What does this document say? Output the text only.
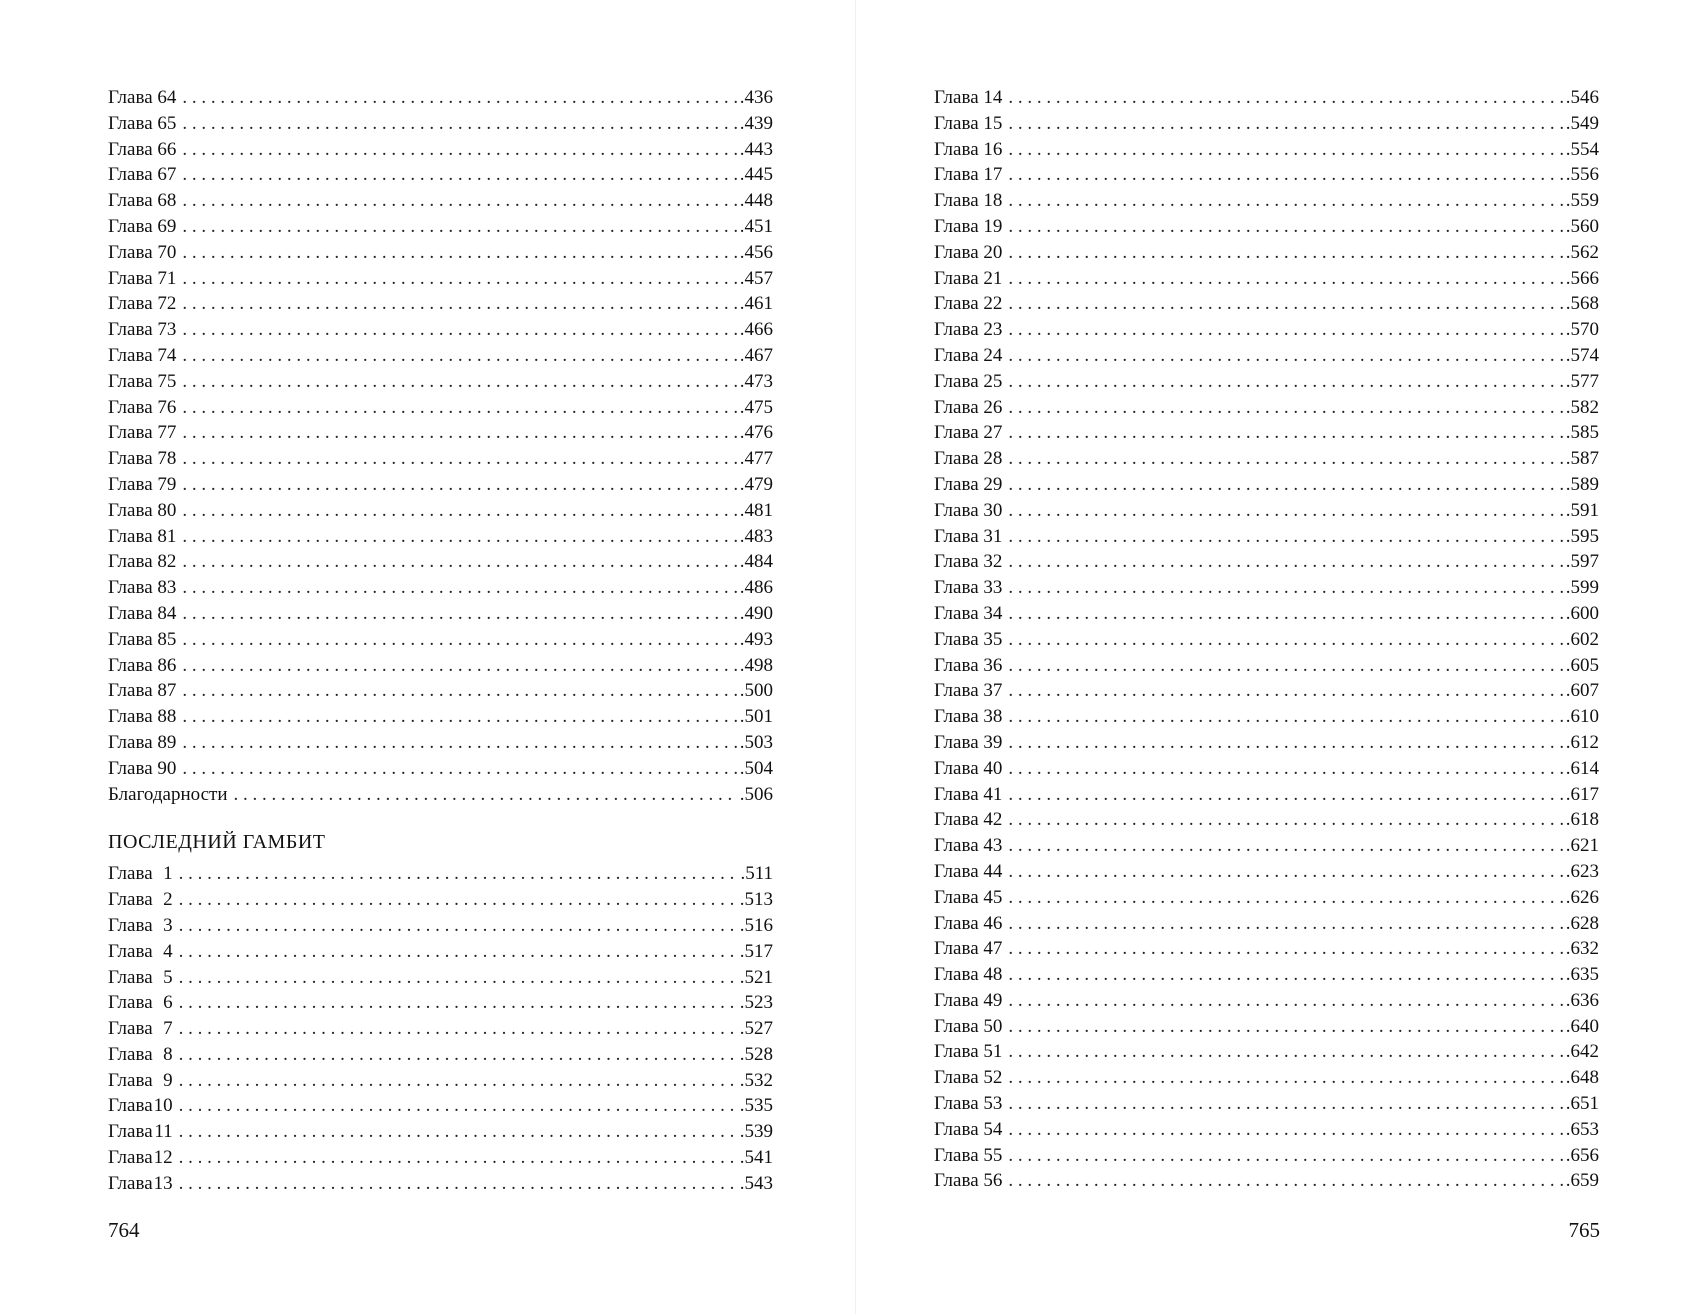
Глава 64 . . .	.436
Глава 65 . . .	.439
Глава 66 . . .	.443
Глава 67 . . .	.445
Глава 68 . . .	.448
Глава 69 . . .	.451
Глава 70 . . .	.456
Глава 71 . . .	.457
Глава 72 . . .	.461
Глава 73 . . .	.466
Глава 74 . . .	.467
Глава 75 . . .	.473
Глава 76 . . .	.475
Глава 77 . . .	.476
Глава 78 . . .	.477
Глава 79 . . .	.479
Глава 80 . . .	.481
Глава 81 . . .	.483
Глава 82 . . .	.484
Глава 83 . . .	.486
Глава 84 . . .	.490
Глава 85 . . .	.493
Глава 86 . . .	.498
Глава 87 . . .	.500
Глава 88 . . .	.501
Глава 89 . . .	.503
Глава 90 . . .	.504
Благодарности . . .	.506
ПОСЛЕДНИЙ ГАМБИТ
Глава 1 . . .	.511
Глава 2 . . .	.513
Глава 3 . . .	.516
Глава 4 . . .	.517
Глава 5 . . .	.521
Глава 6 . . .	.523
Глава 7 . . .	.527
Глава 8 . . .	.528
Глава 9 . . .	.532
Глава10 . . .	.535
Глава11 . . .	.539
Глава12 . . .	.541
Глава13 . . .	.543
764
Глава 14 . . .	.546
Глава 15 . . .	.549
Глава 16 . . .	.554
Глава 17 . . .	.556
Глава 18 . . .	.559
Глава 19 . . .	.560
Глава 20 . . .	.562
Глава 21 . . .	.566
Глава 22 . . .	.568
Глава 23 . . .	.570
Глава 24 . . .	.574
Глава 25 . . .	.577
Глава 26 . . .	.582
Глава 27 . . .	.585
Глава 28 . . .	.587
Глава 29 . . .	.589
Глава 30 . . .	.591
Глава 31 . . .	.595
Глава 32 . . .	.597
Глава 33 . . .	.599
Глава 34 . . .	.600
Глава 35 . . .	.602
Глава 36 . . .	.605
Глава 37 . . .	.607
Глава 38 . . .	.610
Глава 39 . . .	.612
Глава 40 . . .	.614
Глава 41 . . .	.617
Глава 42 . . .	.618
Глава 43 . . .	.621
Глава 44 . . .	.623
Глава 45 . . .	.626
Глава 46 . . .	.628
Глава 47 . . .	.632
Глава 48 . . .	.635
Глава 49 . . .	.636
Глава 50 . . .	.640
Глава 51 . . .	.642
Глава 52 . . .	.648
Глава 53 . . .	.651
Глава 54 . . .	.653
Глава 55 . . .	.656
Глава 56 . . .	.659
765
